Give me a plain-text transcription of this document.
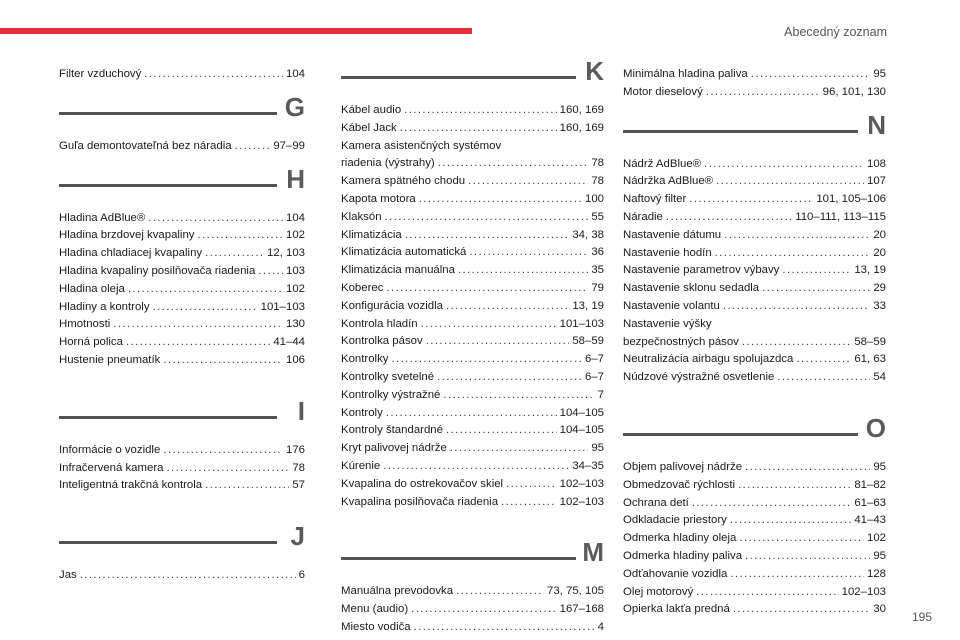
Abecedný zoznam
Filter vzduchový .....	104
G
Guľa demontovateľná bez náradia .....	97–99
H
Hladina AdBlue® .....	104
Hladina brzdovej kvapaliny .....	102
Hladina chladiacej kvapaliny .....	12, 103
Hladina kvapaliny posilňovača riadenia .....	103
Hladina oleja .....	102
Hladiny a kontroly .....	101–103
Hmotnosti .....	130
Horná polica .....	41–44
Hustenie pneumatík .....	106
I
Informácie o vozidle .....	176
Infračervená kamera .....	78
Inteligentná trakčná kontrola .....	57
J
Jas .....	6
K
Kábel audio .....	160, 169
Kábel Jack .....	160, 169
Kamera asistenčných systémov
riadenia (výstrahy) .....	78
Kamera spätného chodu .....	78
Kapota motora .....	100
Klaksón .....	55
Klimatizácia .....	34, 38
Klimatizácia automatická .....	36
Klimatizácia manuálna .....	35
Koberec .....	79
Konfigurácia vozidla .....	13, 19
Kontrola hladín .....	101–103
Kontrolka pásov .....	58–59
Kontrolky .....	6–7
Kontrolky svetelné .....	6–7
Kontrolky výstražné .....	7
Kontroly .....	104–105
Kontroly štandardné .....	104–105
Kryt palivovej nádrže .....	95
Kúrenie .....	34–35
Kvapalina do ostrekovačov skiel .....	102–103
Kvapalina posilňovača riadenia .....	102–103
M
Manuálna prevodovka .....	73, 75, 105
Menu (audio) .....	167–168
Miesto vodiča .....	4
Minimálna hladina paliva .....	95
Motor dieselový .....	96, 101, 130
N
Nádrž AdBlue® .....	108
Nádržka AdBlue® .....	107
Naftový filter .....	101, 105–106
Náradie .....	110–111, 113–115
Nastavenie dátumu .....	20
Nastavenie hodín .....	20
Nastavenie parametrov výbavy .....	13, 19
Nastavenie sklonu sedadla .....	29
Nastavenie volantu .....	33
Nastavenie výšky
bezpečnostných pásov .....	58–59
Neutralizácia airbagu spolujazdca .....	61, 63
Núdzové výstražné osvetlenie .....	54
O
Objem palivovej nádrže .....	95
Obmedzovač rýchlosti .....	81–82
Ochrana detí .....	61–63
Odkladacie priestory .....	41–43
Odmerka hladiny oleja .....	102
Odmerka hladiny paliva .....	95
Odťahovanie vozidla .....	128
Olej motorový .....	102–103
Opierka lakťa predná .....	30
195
